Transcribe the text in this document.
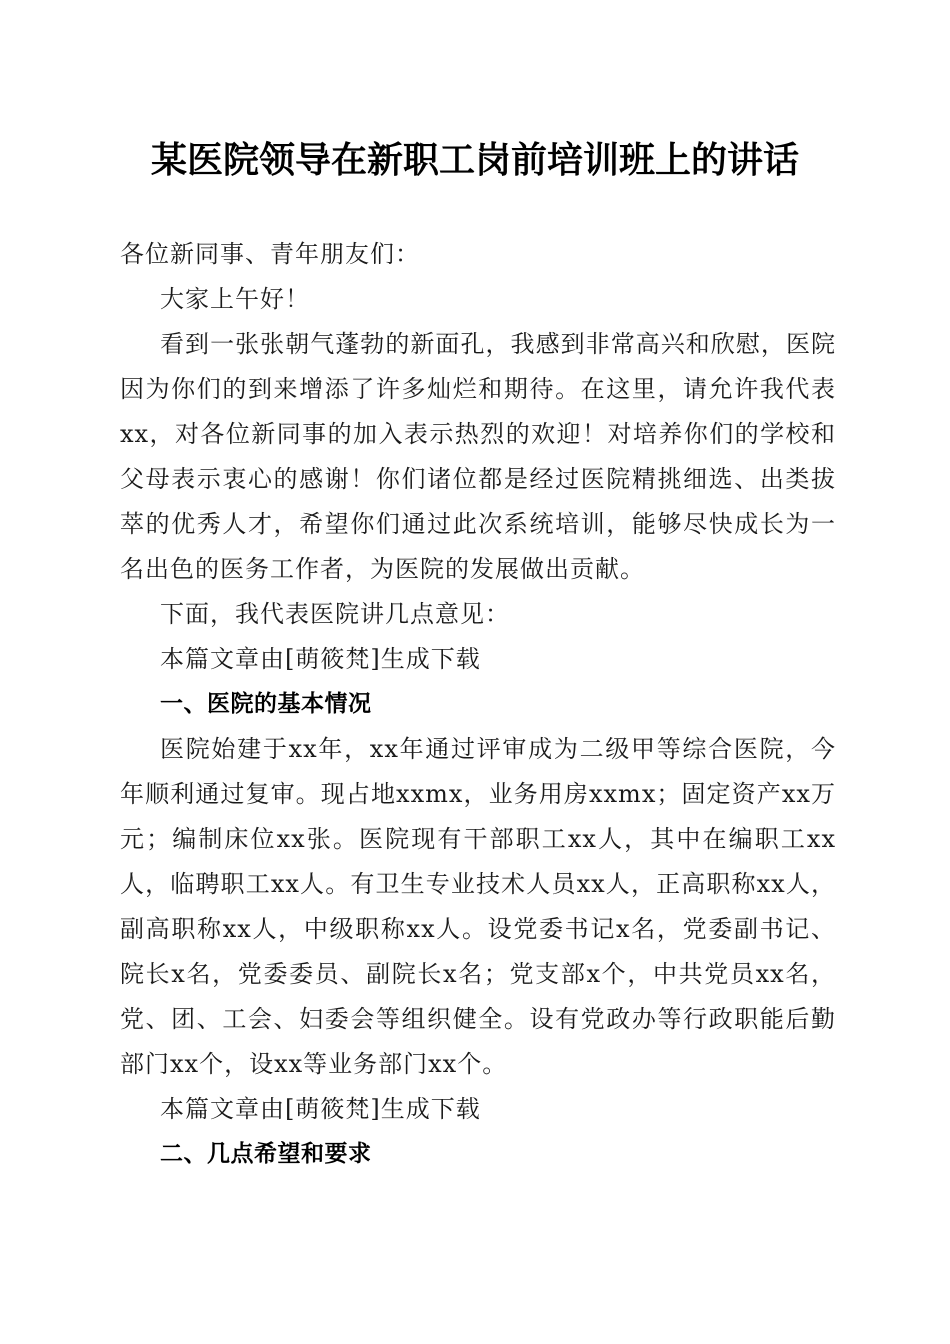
某医院领导在新职工岗前培训班上的讲话

各位新同事、青年朋友们：

大家上午好！

看到一张张朝气蓬勃的新面孔，我感到非常高兴和欣慰，医院因为你们的到来增添了许多灿烂和期待。在这里，请允许我代表xx，对各位新同事的加入表示热烈的欢迎！对培养你们的学校和父母表示衷心的感谢！你们诸位都是经过医院精挑细选、出类拔萃的优秀人才，希望你们通过此次系统培训，能够尽快成长为一名出色的医务工作者，为医院的发展做出贡献。

下面，我代表医院讲几点意见：

本篇文章由[萌筱梵]生成下载

一、医院的基本情况

医院始建于xx年，xx年通过评审成为二级甲等综合医院，今年顺利通过复审。现占地xxmx，业务用房xxmx；固定资产xx万元；编制床位xx张。医院现有干部职工xx人，其中在编职工xx人，临聘职工xx人。有卫生专业技术人员xx人，正高职称xx人，副高职称xx人，中级职称xx人。设党委书记x名，党委副书记、院长x名，党委委员、副院长x名；党支部x个，中共党员xx名，党、团、工会、妇委会等组织健全。设有党政办等行政职能后勤部门xx个，设xx等业务部门xx个。

本篇文章由[萌筱梵]生成下载

二、几点希望和要求
